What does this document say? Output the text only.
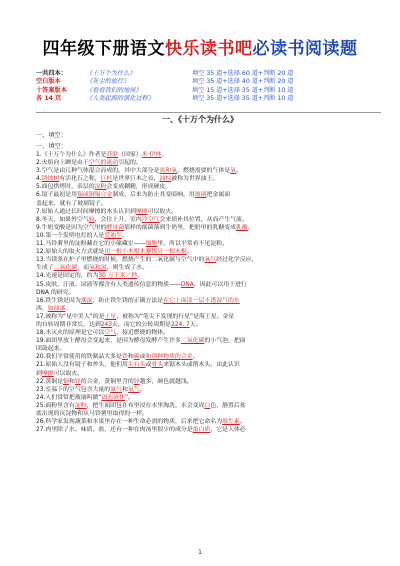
四年级下册语文快乐读书吧必读书阅读题
一共四本：	《十万个为什么》	填空 35 道+选择 60 道+判断 20 道
空白版本	《灰尘的旅行》	填空 35 道+选择 40 道+判断 20 道
十答案版本	《看看我们的地球》	填空 15 道+选择 35 道+判断 10 道
各 14 页	《人类起源的演化过程》	填空 35 道+选择 35 道+判断 10 道
一、《十万个为什么》
一、填空：
一、填空：
1.《十万个为什么》作者是苏联（国家）米·伊林。
2.火焰向上蹿是由于空气的流动引起的。
3.空气是由几种气体混合而成的，其中大部分是氮和氧，燃烧需要的气体是氧。
4.锈蚀树有活化石之称，巨杉是世界巨木之首，油棕被称为世界油王。
5.面包烘烤时，表层的淀粉会变成糊精，形成硬皮。
6.镜子最初是用锡或铜锡合金制成，后来为防止其变暗响，用玻璃把金属面
盖起来，就有了玻璃镜子。
7.原始人通过长时间摩擦的木头认识到摩擦可以取火。
8.冬天，如果外空气较，会往上升，室内冷空气会来填补其位置，从而产生气流。
9.牛奶变酸是因为空气里的酵母菌那样的细菌落到牛奶里，把奶里的乳糖变成乳酸。
10.第一个发明电灯的人是爱迪生。
11.马铃薯里的淀粉藏在它的小储藏室——细胞里，所以平常看不见淀粉。
12.原始人的取火方式就是用一根小木棍来摩擦另一根木棍。
13.当镁条在炉子里燃烧的时候，燃烧产生的二氧化碳与空气中的氧气经过化学反应，
生成了二氧化碳，而氧和氮，则生成了水。
14.光速是固定的，约为30 万千米／秒。
15.皮肤、汗液、尿液等都含有人类遗传信息的物质——DNA，因此可以用于进行
DNA 的研究。
16.铁生锈是因为潮湿，防止铁生锈的正确方法是在它上面涂一层不透湿气的东
西，如油漆。
17.被称为“星中美人”的是土星，被称为“笔尖下发现的行星”是海王星。金星
的自转周期非常长，达到243天，而它的公转周期是224. 7天。
18.水灭火的原理是它可以空气，接近燃烧的物体。
19.面团里放上酵母会变起来，是因为酵母发酵产生许多二氧化碳的小气泡，把面
团鼓起来。
20.我们平常使用的铁制品大多是铁和碳或和别种物质的合金。
21.原始人没有镜子和斧头，他们用尖石头或骨头来锯木头或削木头，由此认识
到摩擦可以取火。
22.黄铜是铜和锌的合金，黄铜里含的锌越多，颜色就越浅。
23.室温下的空气包含大量的氮气和氧气。
24.人们常常把玻璃叫做“固态液体”。
25.面粉里含有淀粉，把生面团包在布里浸在水里淘洗，水会变成白色，静置后盆
底出现的沉淀物和从马铃薯里取得的一样。
26.科学家发现蔬菜和水果里存在一种生命必需的物质，后来把它命名为维生素。
27.肉里除了水、味质、盐，还有一种在肉汤里很少的成分是蛋白质，它是人体必
1
